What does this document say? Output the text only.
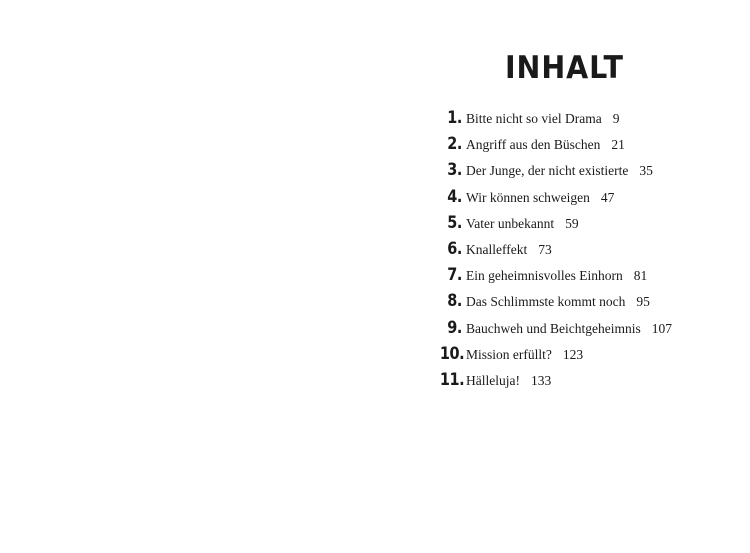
INHALT
1. Bitte nicht so viel Drama 9
2. Angriff aus den Büschen 21
3. Der Junge, der nicht existierte 35
4. Wir können schweigen 47
5. Vater unbekannt 59
6. Knalleffekt 73
7. Ein geheimnisvolles Einhorn 81
8. Das Schlimmste kommt noch 95
9. Bauchweh und Beichtgeheimnis 107
10. Mission erfüllt? 123
11. Hälleluja! 133
